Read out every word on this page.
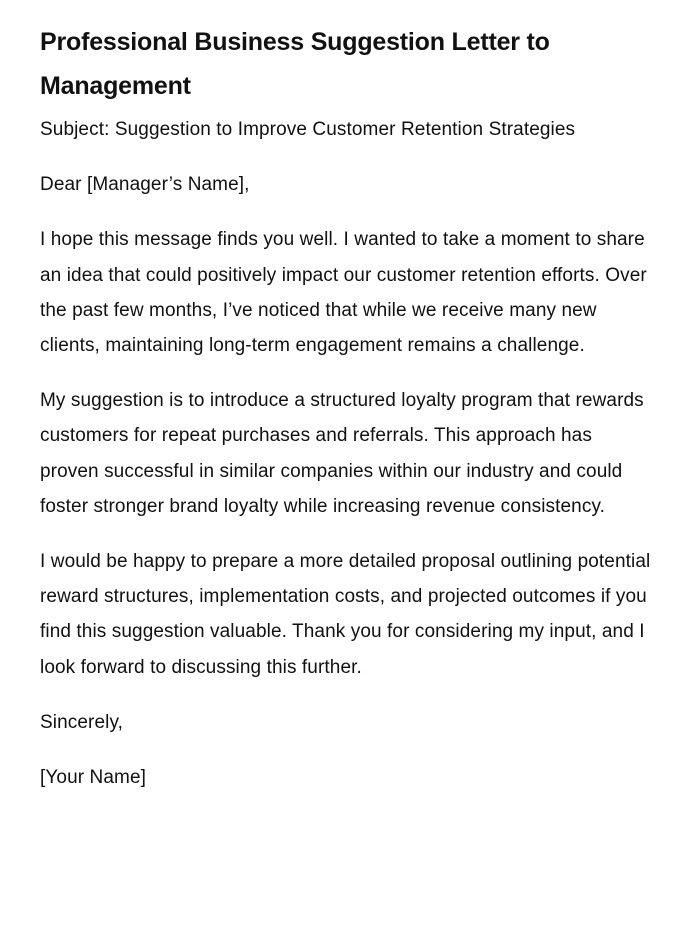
Professional Business Suggestion Letter to Management

Subject: Suggestion to Improve Customer Retention Strategies

Dear [Manager’s Name],

I hope this message finds you well. I wanted to take a moment to share an idea that could positively impact our customer retention efforts. Over the past few months, I’ve noticed that while we receive many new clients, maintaining long-term engagement remains a challenge.

My suggestion is to introduce a structured loyalty program that rewards customers for repeat purchases and referrals. This approach has proven successful in similar companies within our industry and could foster stronger brand loyalty while increasing revenue consistency.

I would be happy to prepare a more detailed proposal outlining potential reward structures, implementation costs, and projected outcomes if you find this suggestion valuable. Thank you for considering my input, and I look forward to discussing this further.

Sincerely,

[Your Name]
